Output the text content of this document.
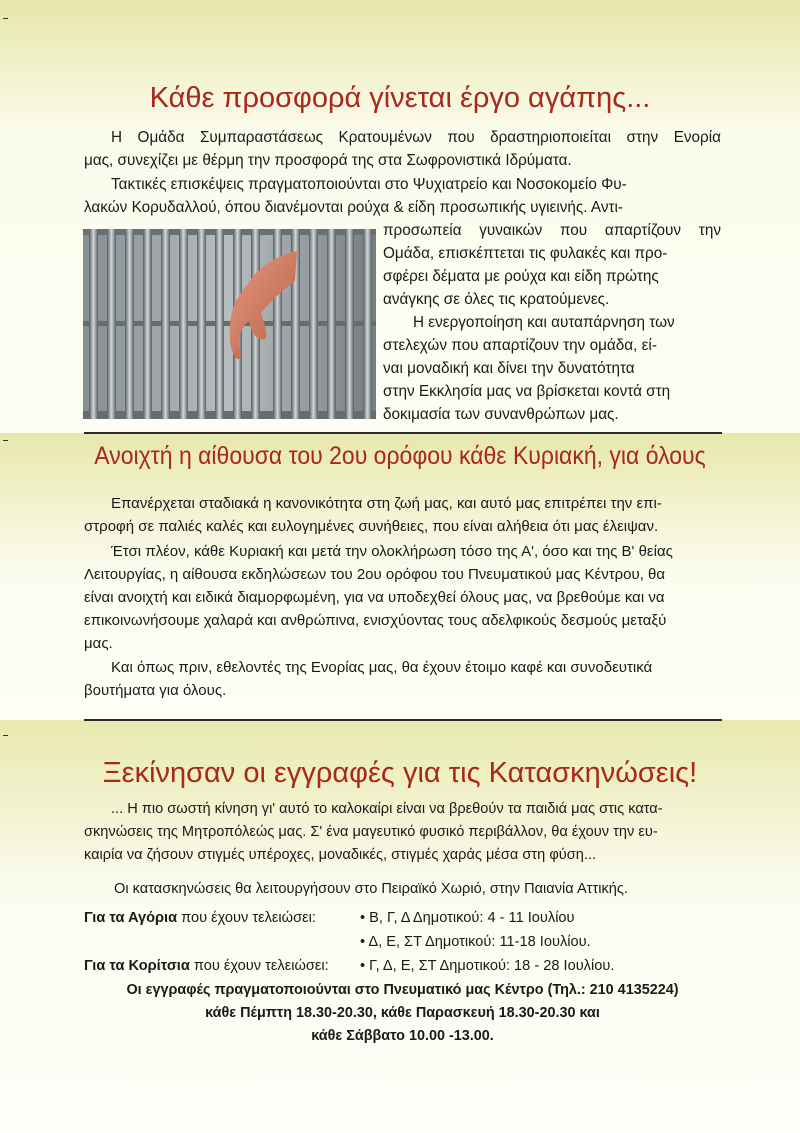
Κάθε προσφορά γίνεται έργο αγάπης...
Η Ομάδα Συμπαραστάσεως Κρατουμένων που δραστηριοποιείται στην Ενορία
μας, συνεχίζει με θέρμη την προσφορά της στα Σωφρονιστικά Ιδρύματα.
Τακτικές επισκέψεις πραγματοποιούνται στο Ψυχιατρείο και Νοσοκομείο Φυ-
λακών Κορυδαλλού, όπου διανέμονται ρούχα & είδη προσωπικής υγιεινής. Αντι-
προσωπεία γυναικών που απαρτίζουν την
Ομάδα, επισκέπτεται τις φυλακές και προ-
σφέρει δέματα με ρούχα και είδη πρώτης
ανάγκης σε όλες τις κρατούμενες.
Η ενεργοποίηση και αυταπάρνηση των
στελεχών που απαρτίζουν την ομάδα, εί-
ναι μοναδική και δίνει την δυνατότητα
στην Εκκλησία μας να βρίσκεται κοντά στη
δοκιμασία των συνανθρώπων μας.
Ανοιχτή η αίθουσα του 2ου ορόφου κάθε Κυριακή, για όλους
Επανέρχεται σταδιακά η κανονικότητα στη ζωή μας, και αυτό μας επιτρέπει την επι-
στροφή σε παλιές καλές και ευλογημένες συνήθειες, που είναι αλήθεια ότι μας έλειψαν.
Έτσι πλέον, κάθε Κυριακή και μετά την ολοκλήρωση τόσο της Α', όσο και της Β' θείας
Λειτουργίας, η αίθουσα εκδηλώσεων του 2ου ορόφου του Πνευματικού μας Κέντρου, θα
είναι ανοιχτή και ειδικά διαμορφωμένη, για να υποδεχθεί όλους μας, να βρεθούμε και να
επικοινωνήσουμε χαλαρά και ανθρώπινα, ενισχύοντας τους αδελφικούς δεσμούς μεταξύ
μας.
Και όπως πριν, εθελοντές της Ενορίας μας, θα έχουν έτοιμο καφέ και συνοδευτικά
βουτήματα για όλους.
Ξεκίνησαν οι εγγραφές για τις Κατασκηνώσεις!
... Η πιο σωστή κίνηση γι' αυτό το καλοκαίρι είναι να βρεθούν τα παιδιά μας στις κατα-
σκηνώσεις της Μητροπόλεώς μας. Σ' ένα μαγευτικό φυσικό περιβάλλον, θα έχουν την ευ-
καιρία να ζήσουν στιγμές υπέροχες, μοναδικές, στιγμές χαράς μέσα στη φύση...
Οι κατασκηνώσεις θα λειτουργήσουν στο Πειραϊκό Χωριό, στην Παιανία Αττικής.
Για τα Αγόρια που έχουν τελειώσει:	• Β, Γ, Δ Δημοτικού: 4 - 11 Ιουλίου
• Δ, Ε, ΣΤ Δημοτικού: 11-18 Ιουλίου.
Για τα Κορίτσια που έχουν τελειώσει: • Γ, Δ, Ε, ΣΤ Δημοτικού: 18 - 28 Ιουλίου.
Οι εγγραφές πραγματοποιούνται στο Πνευματικό μας Κέντρο (Τηλ.: 210 4135224)
κάθε Πέμπτη 18.30-20.30, κάθε Παρασκευή 18.30-20.30 και
κάθε Σάββατο 10.00 -13.00.
